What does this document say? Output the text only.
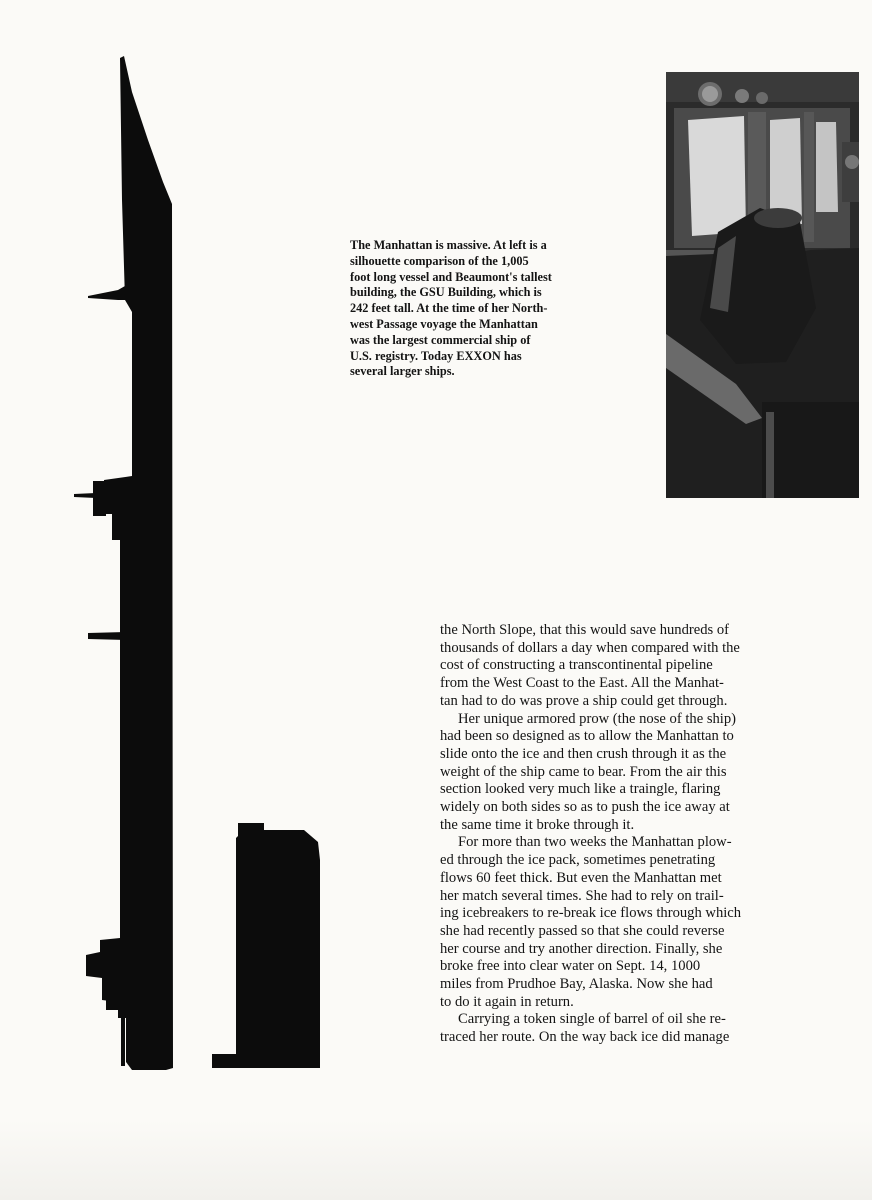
The Manhattan is massive. At left is a
silhouette comparison of the 1,005
foot long vessel and Beaumont's tallest
building, the GSU Building, which is
242 feet tall. At the time of her North-
west Passage voyage the Manhattan
was the largest commercial ship of
U.S. registry. Today EXXON has
several larger ships.
the North Slope, that this would save hundreds of
thousands of dollars a day when compared with the
cost of constructing a transcontinental pipeline
from the West Coast to the East. All the Manhat-
tan had to do was prove a ship could get through.
Her unique armored prow (the nose of the ship)
had been so designed as to allow the Manhattan to
slide onto the ice and then crush through it as the
weight of the ship came to bear. From the air this
section looked very much like a traingle, flaring
widely on both sides so as to push the ice away at
the same time it broke through it.
For more than two weeks the Manhattan plow-
ed through the ice pack, sometimes penetrating
flows 60 feet thick. But even the Manhattan met
her match several times. She had to rely on trail-
ing icebreakers to re-break ice flows through which
she had recently passed so that she could reverse
her course and try another direction. Finally, she
broke free into clear water on Sept. 14, 1000
miles from Prudhoe Bay, Alaska. Now she had
to do it again in return.
Carrying a token single of barrel of oil she re-
traced her route. On the way back ice did manage
